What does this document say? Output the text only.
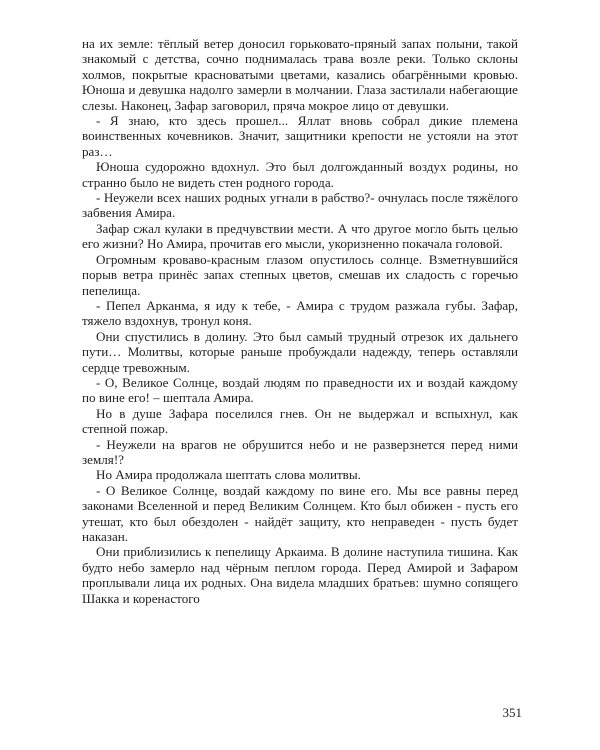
на их земле: тёплый ветер доносил горьковато-пряный запах полыни, такой знакомый с детства, сочно поднималась трава возле реки. Только склоны холмов, покрытые красноватыми цветами, казались обагрёнными кровью. Юноша и девушка надолго замерли в молчании. Глаза застилали набегающие слезы. Наконец, Зафар заговорил, пряча мокрое лицо от девушки.

- Я знаю, кто здесь прошел... Яллат вновь собрал дикие племена воинственных кочевников. Значит, защитники крепости не устояли на этот раз…

Юноша судорожно вдохнул. Это был долгожданный воздух родины, но странно было не видеть стен родного города.

- Неужели всех наших родных угнали в рабство?- очнулась после тяжёлого забвения Амира.

Зафар сжал кулаки в предчувствии мести. А что другое могло быть целью его жизни? Но Амира, прочитав его мысли, укоризненно покачала головой.

Огромным кроваво-красным глазом опустилось солнце. Взметнувшийся порыв ветра принёс запах степных цветов, смешав их сладость с горечью пепелища.

- Пепел Арканма, я иду к тебе, - Амира с трудом разжала губы. Зафар, тяжело вздохнув, тронул коня.

Они спустились в долину. Это был самый трудный отрезок их дальнего пути… Молитвы, которые раньше пробуждали надежду, теперь оставляли сердце тревожным.

- О, Великое Солнце, воздай людям по праведности их и воздай каждому по вине его! – шептала Амира.

Но в душе Зафара поселился гнев. Он не выдержал и вспыхнул, как степной пожар.

- Неужели на врагов не обрушится небо и не разверзнется перед ними земля!?

Но Амира продолжала шептать слова молитвы.

- О Великое Солнце, воздай каждому по вине его. Мы все равны перед законами Вселенной и перед Великим Солнцем. Кто был обижен - пусть его утешат, кто был обездолен - найдёт защиту, кто неправеден - пусть будет наказан.

Они приблизились к пепелищу Аркаима. В долине наступила тишина. Как будто небо замерло над чёрным пеплом города. Перед Амирой и Зафаром проплывали лица их родных. Она видела младших братьев: шумно сопящего Шакка и коренастого

351
